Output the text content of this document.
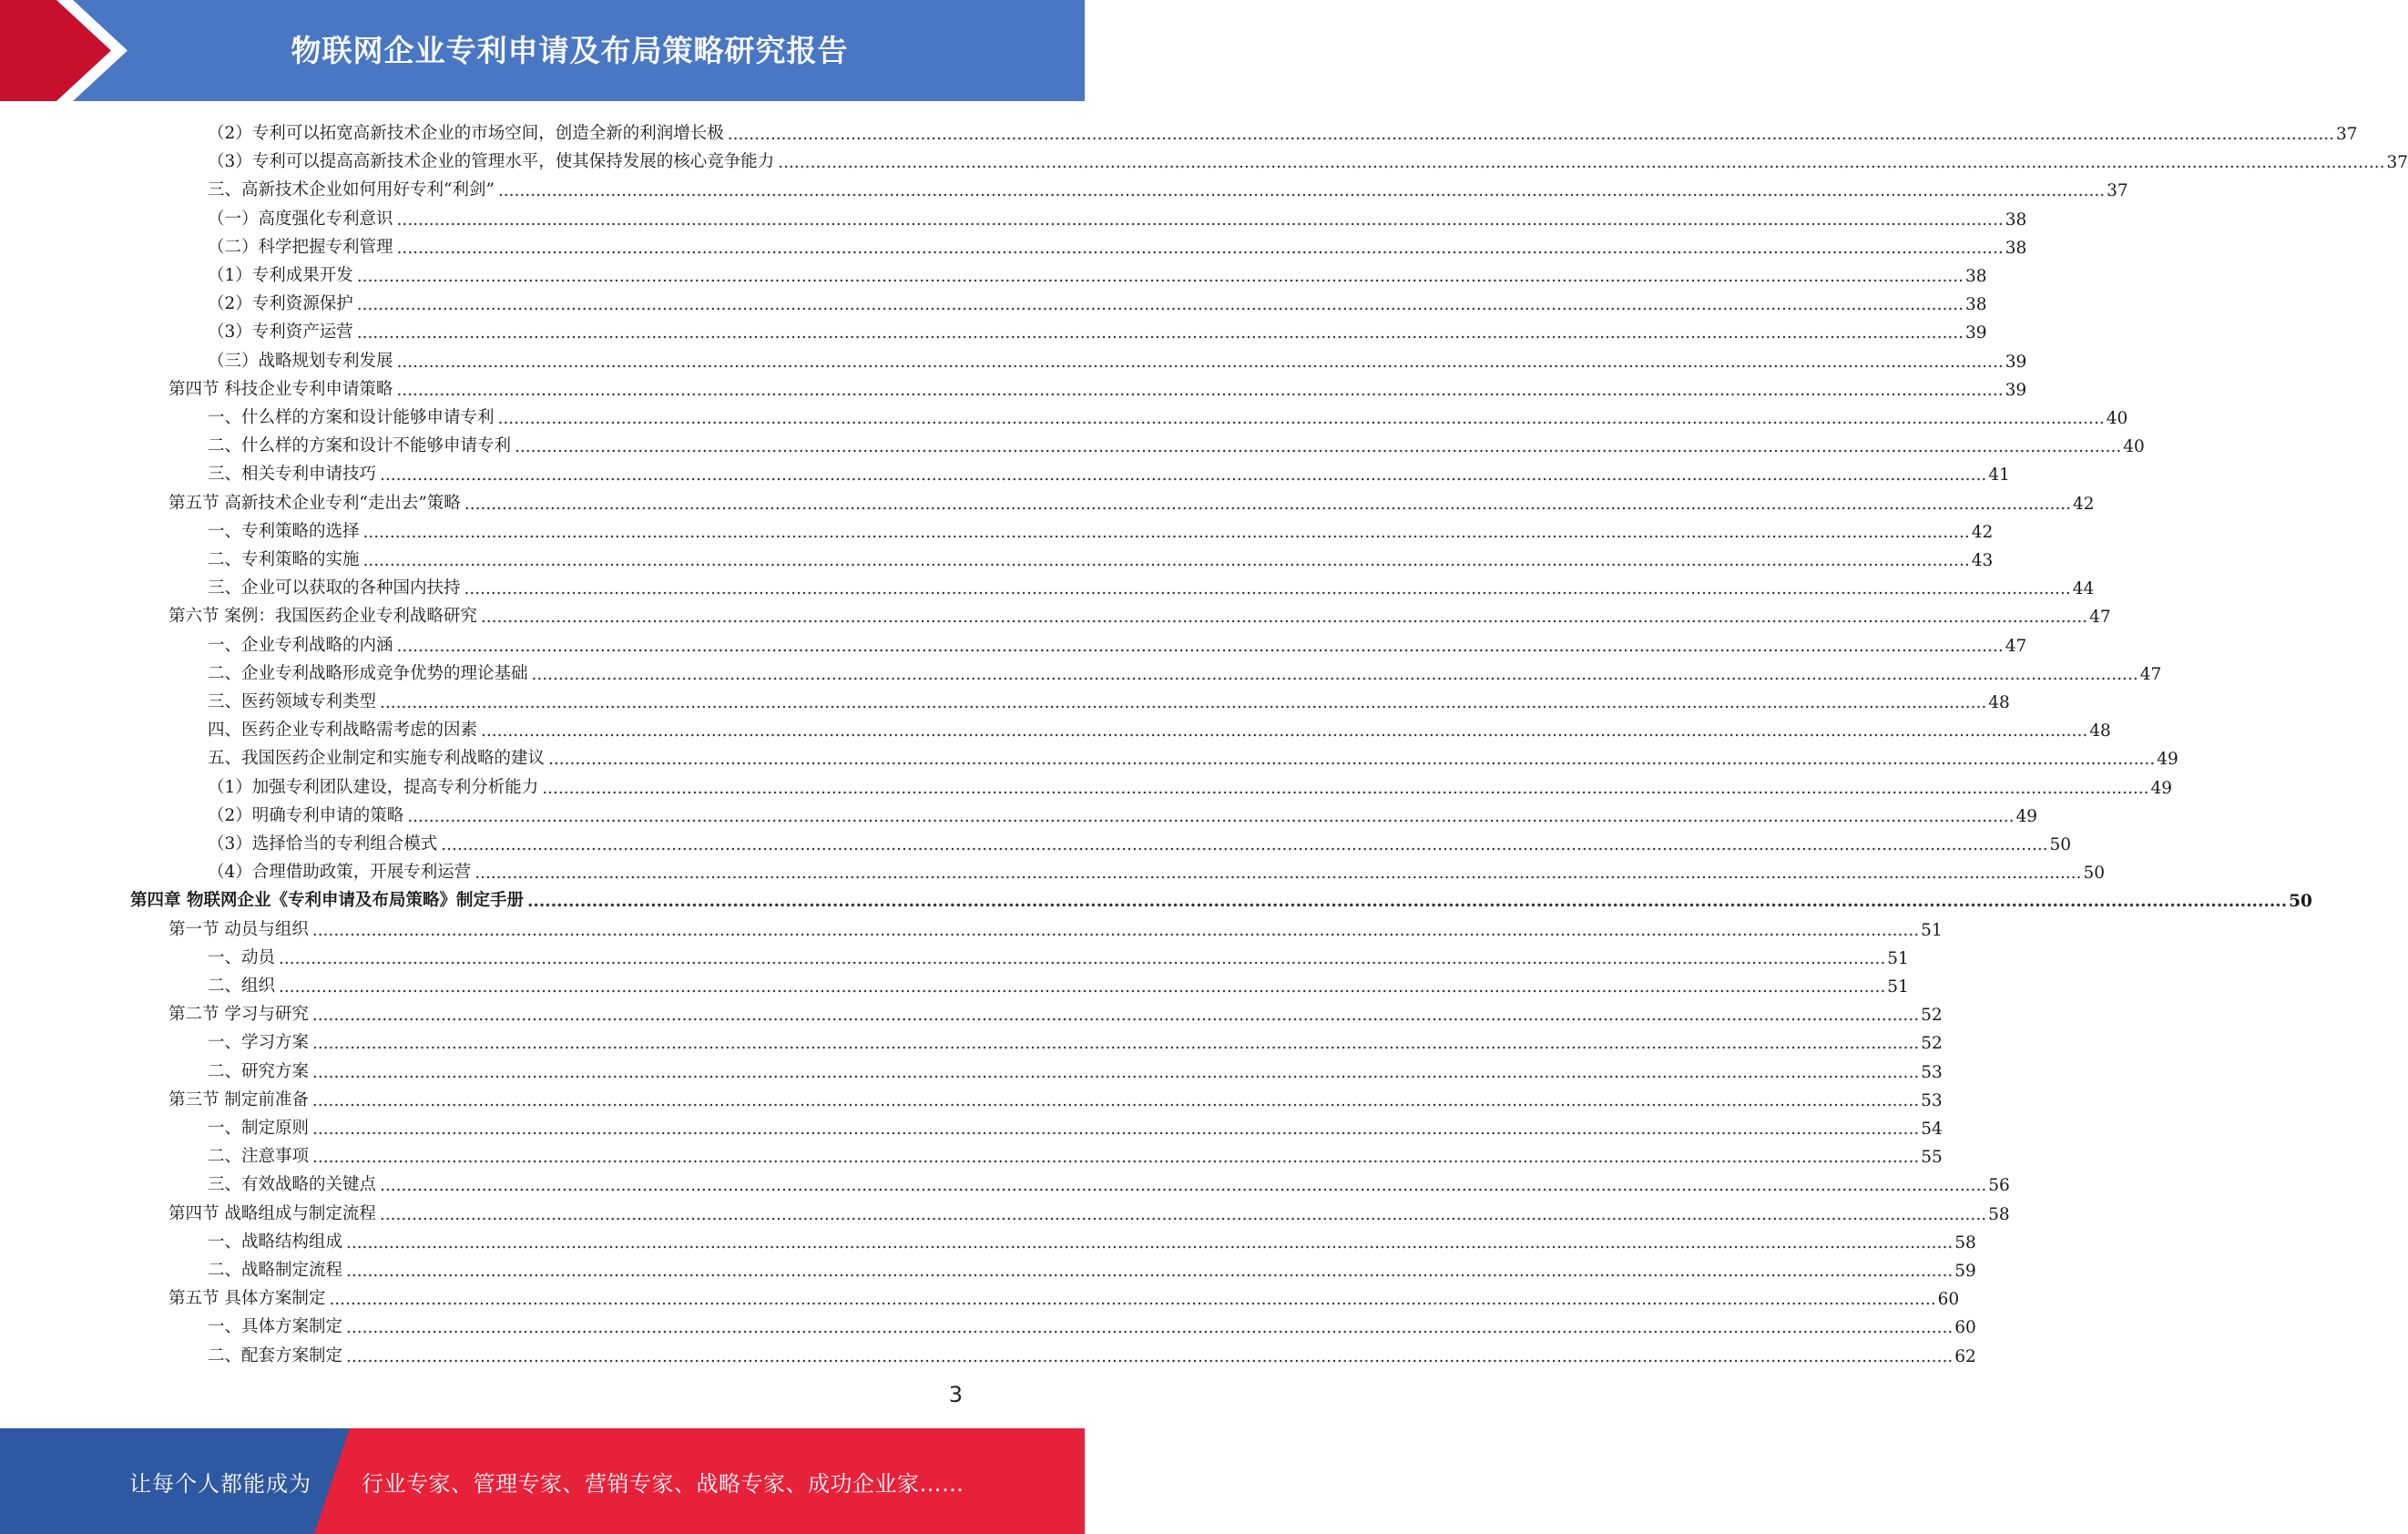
物联网企业专利申请及布局策略研究报告
（2）专利可以拓宽高新技术企业的市场空间，创造全新的利润增长极 ............................................................................................................................................................................................................................................................................................................ 37
（3）专利可以提高高新技术企业的管理水平，使其保持发展的核心竞争能力 ............................................................................................................................................................................................................................................................................................................ 37
三、高新技术企业如何用好专利“利剑” ............................................................................................................................................................................................................................................................................................................ 37
（一）高度强化专利意识 ............................................................................................................................................................................................................................................................................................................ 38
（二）科学把握专利管理 ............................................................................................................................................................................................................................................................................................................ 38
（1）专利成果开发 ............................................................................................................................................................................................................................................................................................................ 38
（2）专利资源保护 ............................................................................................................................................................................................................................................................................................................ 38
（3）专利资产运营 ............................................................................................................................................................................................................................................................................................................ 39
（三）战略规划专利发展 ............................................................................................................................................................................................................................................................................................................ 39
第四节 科技企业专利申请策略 ............................................................................................................................................................................................................................................................................................................ 39
一、什么样的方案和设计能够申请专利 ............................................................................................................................................................................................................................................................................................................ 40
二、什么样的方案和设计不能够申请专利 ............................................................................................................................................................................................................................................................................................................ 40
三、相关专利申请技巧 ............................................................................................................................................................................................................................................................................................................ 41
第五节 高新技术企业专利“走出去”策略 ............................................................................................................................................................................................................................................................................................................ 42
一、专利策略的选择 ............................................................................................................................................................................................................................................................................................................ 42
二、专利策略的实施 ............................................................................................................................................................................................................................................................................................................ 43
三、企业可以获取的各种国内扶持 ............................................................................................................................................................................................................................................................................................................ 44
第六节 案例：我国医药企业专利战略研究 ............................................................................................................................................................................................................................................................................................................ 47
一、企业专利战略的内涵 ............................................................................................................................................................................................................................................................................................................ 47
二、企业专利战略形成竞争优势的理论基础 ............................................................................................................................................................................................................................................................................................................ 47
三、医药领域专利类型 ............................................................................................................................................................................................................................................................................................................ 48
四、医药企业专利战略需考虑的因素 ............................................................................................................................................................................................................................................................................................................ 48
五、我国医药企业制定和实施专利战略的建议 ............................................................................................................................................................................................................................................................................................................ 49
（1）加强专利团队建设，提高专利分析能力 ............................................................................................................................................................................................................................................................................................................ 49
（2）明确专利申请的策略 ............................................................................................................................................................................................................................................................................................................ 49
（3）选择恰当的专利组合模式 ............................................................................................................................................................................................................................................................................................................ 50
（4）合理借助政策，开展专利运营 ............................................................................................................................................................................................................................................................................................................ 50
第四章 物联网企业《专利申请及布局策略》制定手册 ............................................................................................................................................................................................................................................................................................................ 50
第一节 动员与组织 ............................................................................................................................................................................................................................................................................................................ 51
一、动员 ............................................................................................................................................................................................................................................................................................................ 51
二、组织 ............................................................................................................................................................................................................................................................................................................ 51
第二节 学习与研究 ............................................................................................................................................................................................................................................................................................................ 52
一、学习方案 ............................................................................................................................................................................................................................................................................................................ 52
二、研究方案 ............................................................................................................................................................................................................................................................................................................ 53
第三节 制定前准备 ............................................................................................................................................................................................................................................................................................................ 53
一、制定原则 ............................................................................................................................................................................................................................................................................................................ 54
二、注意事项 ............................................................................................................................................................................................................................................................................................................ 55
三、有效战略的关键点 ............................................................................................................................................................................................................................................................................................................ 56
第四节 战略组成与制定流程 ............................................................................................................................................................................................................................................................................................................ 58
一、战略结构组成 ............................................................................................................................................................................................................................................................................................................ 58
二、战略制定流程 ............................................................................................................................................................................................................................................................................................................ 59
第五节 具体方案制定 ............................................................................................................................................................................................................................................................................................................ 60
一、具体方案制定 ............................................................................................................................................................................................................................................................................................................ 60
二、配套方案制定 ............................................................................................................................................................................................................................................................................................................ 62
3
让每个人都能成为 行业专家、管理专家、营销专家、战略专家、成功企业家……
